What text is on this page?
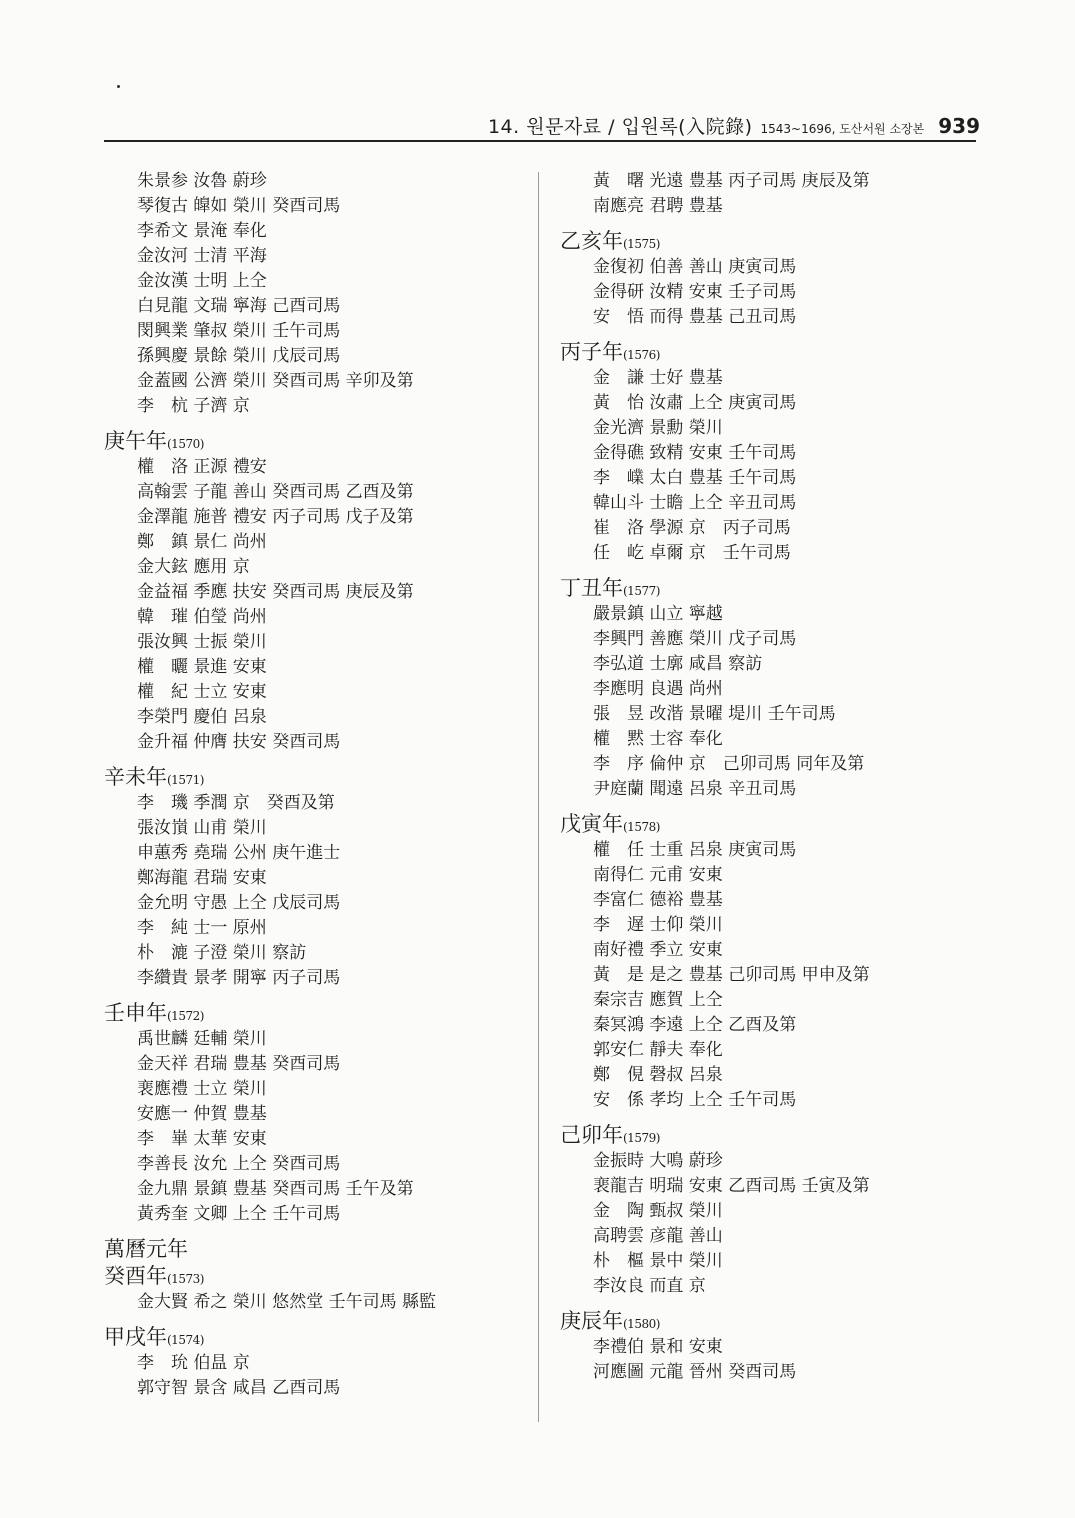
14. 원문자료 / 입원록(入院錄) 1543~1696, 도산서원 소장본 939
朱景参 汝魯 蔚珍
琴復古 皥如 榮川 癸酉司馬
李希文 景淹 奉化
金汝河 士清 平海
金汝漢 士明 上仝
白見龍 文瑞 寧海 己酉司馬
閔興業 肇叔 榮川 壬午司馬
孫興慶 景餘 榮川 戊辰司馬
金蓋國 公濟 榮川 癸酉司馬 辛卯及第
李　杭 子濟 京
庚午年(1570)
權　洛 正源 禮安
高翰雲 子龍 善山 癸酉司馬 乙酉及第
金澤龍 施普 禮安 丙子司馬 戊子及第
鄭　鎮 景仁 尚州
金大鉉 應用 京
金益福 季應 扶安 癸酉司馬 庚辰及第
韓　璀 伯瑩 尚州
張汝興 士振 榮川
權　曬 景進 安東
權　紀 士立 安東
李榮門 慶伯 呂泉
金升福 仲膺 扶安 癸酉司馬
辛未年(1571)
李　璣 季潤 京　癸酉及第
張汝嵿 山甫 榮川
申蕙秀 堯瑞 公州 庚午進士
鄭海龍 君瑞 安東
金允明 守愚 上仝 戊辰司馬
李　純 士一 原州
朴　漉 子澄 榮川 察訪
李纘貴 景孝 開寧 丙子司馬
壬申年(1572)
禹世麟 廷輔 榮川
金天祥 君瑞 豊基 癸酉司馬
裵應禮 士立 榮川
安應一 仲賀 豊基
李　崋 太華 安東
李善長 汝允 上仝 癸酉司馬
金九鼎 景鎮 豊基 癸酉司馬 壬午及第
黃秀奎 文卿 上仝 壬午司馬
萬曆元年
癸酉年(1573)
金大賢 希之 榮川 悠然堂 壬午司馬 縣監
甲戌年(1574)
李　玧 伯昷 京
郭守智 景含 咸昌 乙酉司馬
黃　曙 光遠 豊基 丙子司馬 庚辰及第
南應亮 君聘 豊基
乙亥年(1575)
金復初 伯善 善山 庚寅司馬
金得研 汝精 安東 壬子司馬
安　悟 而得 豊基 己丑司馬
丙子年(1576)
金　謙 士好 豊基
黃　怡 汝肅 上仝 庚寅司馬
金光濟 景勳 榮川
金得礁 致精 安東 壬午司馬
李　嶫 太白 豊基 壬午司馬
韓山斗 士瞻 上仝 辛丑司馬
崔　洛 學源 京　丙子司馬
任　屹 卓爾 京　壬午司馬
丁丑年(1577)
嚴景鎮 山立 寧越
李興門 善應 榮川 戊子司馬
李弘道 士廓 咸昌 察訪
李應明 良遇 尚州
張　昱 改湝 景曜 堤川 壬午司馬
權　黙 士容 奉化
李　序 倫仲 京　己卯司馬 同年及第
尹庭蘭 聞遠 呂泉 辛丑司馬
戊寅年(1578)
權　任 士重 呂泉 庚寅司馬
南得仁 元甫 安東
李富仁 德裕 豊基
李　遅 士仰 榮川
南好禮 季立 安東
黃　是 是之 豊基 己卯司馬 甲申及第
秦宗吉 應賀 上仝
秦冥鴻 李遠 上仝 乙酉及第
郭安仁 靜夫 奉化
鄭　俔 磬叔 呂泉
安　係 孝均 上仝 壬午司馬
己卯年(1579)
金振時 大鳴 蔚珍
裵龍吉 明瑞 安東 乙酉司馬 壬寅及第
金　陶 甄叔 榮川
高聘雲 彦龍 善山
朴　樞 景中 榮川
李汝良 而直 京
庚辰年(1580)
李禮伯 景和 安東
河應圖 元龍 晉州 癸酉司馬
